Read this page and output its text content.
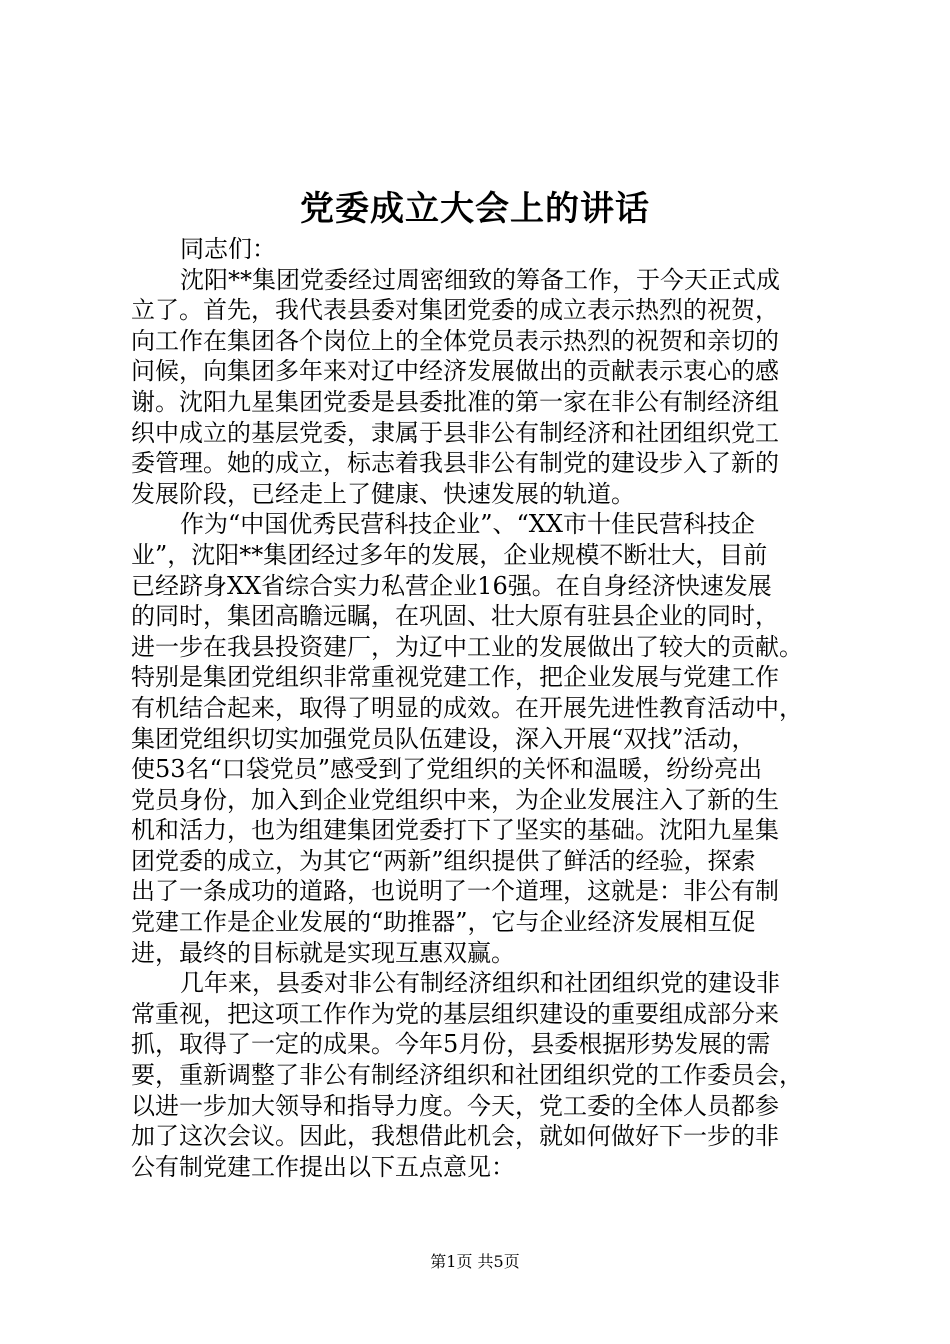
党委成立大会上的讲话

同志们：

沈阳**集团党委经过周密细致的筹备工作，于今天正式成
立了。首先，我代表县委对集团党委的成立表示热烈的祝贺，
向工作在集团各个岗位上的全体党员表示热烈的祝贺和亲切的
问候，向集团多年来对辽中经济发展做出的贡献表示衷心的感
谢。沈阳九星集团党委是县委批准的第一家在非公有制经济组
织中成立的基层党委，隶属于县非公有制经济和社团组织党工
委管理。她的成立，标志着我县非公有制党的建设步入了新的
发展阶段，已经走上了健康、快速发展的轨道。

作为“中国优秀民营科技企业”、“XX市十佳民营科技企
业”，沈阳**集团经过多年的发展，企业规模不断壮大，目前
已经跻身XX省综合实力私营企业16强。在自身经济快速发展
的同时，集团高瞻远瞩，在巩固、壮大原有驻县企业的同时，
进一步在我县投资建厂，为辽中工业的发展做出了较大的贡献。
特别是集团党组织非常重视党建工作，把企业发展与党建工作
有机结合起来，取得了明显的成效。在开展先进性教育活动中，
集团党组织切实加强党员队伍建设，深入开展“双找”活动，
使53名“口袋党员”感受到了党组织的关怀和温暖，纷纷亮出
党员身份，加入到企业党组织中来，为企业发展注入了新的生
机和活力，也为组建集团党委打下了坚实的基础。沈阳九星集
团党委的成立，为其它“两新”组织提供了鲜活的经验，探索
出了一条成功的道路，也说明了一个道理，这就是：非公有制
党建工作是企业发展的“助推器”，它与企业经济发展相互促
进，最终的目标就是实现互惠双赢。

几年来，县委对非公有制经济组织和社团组织党的建设非
常重视，把这项工作作为党的基层组织建设的重要组成部分来
抓，取得了一定的成果。今年5月份，县委根据形势发展的需
要，重新调整了非公有制经济组织和社团组织党的工作委员会，
以进一步加大领导和指导力度。今天，党工委的全体人员都参
加了这次会议。因此，我想借此机会，就如何做好下一步的非
公有制党建工作提出以下五点意见：

第1页 共5页
